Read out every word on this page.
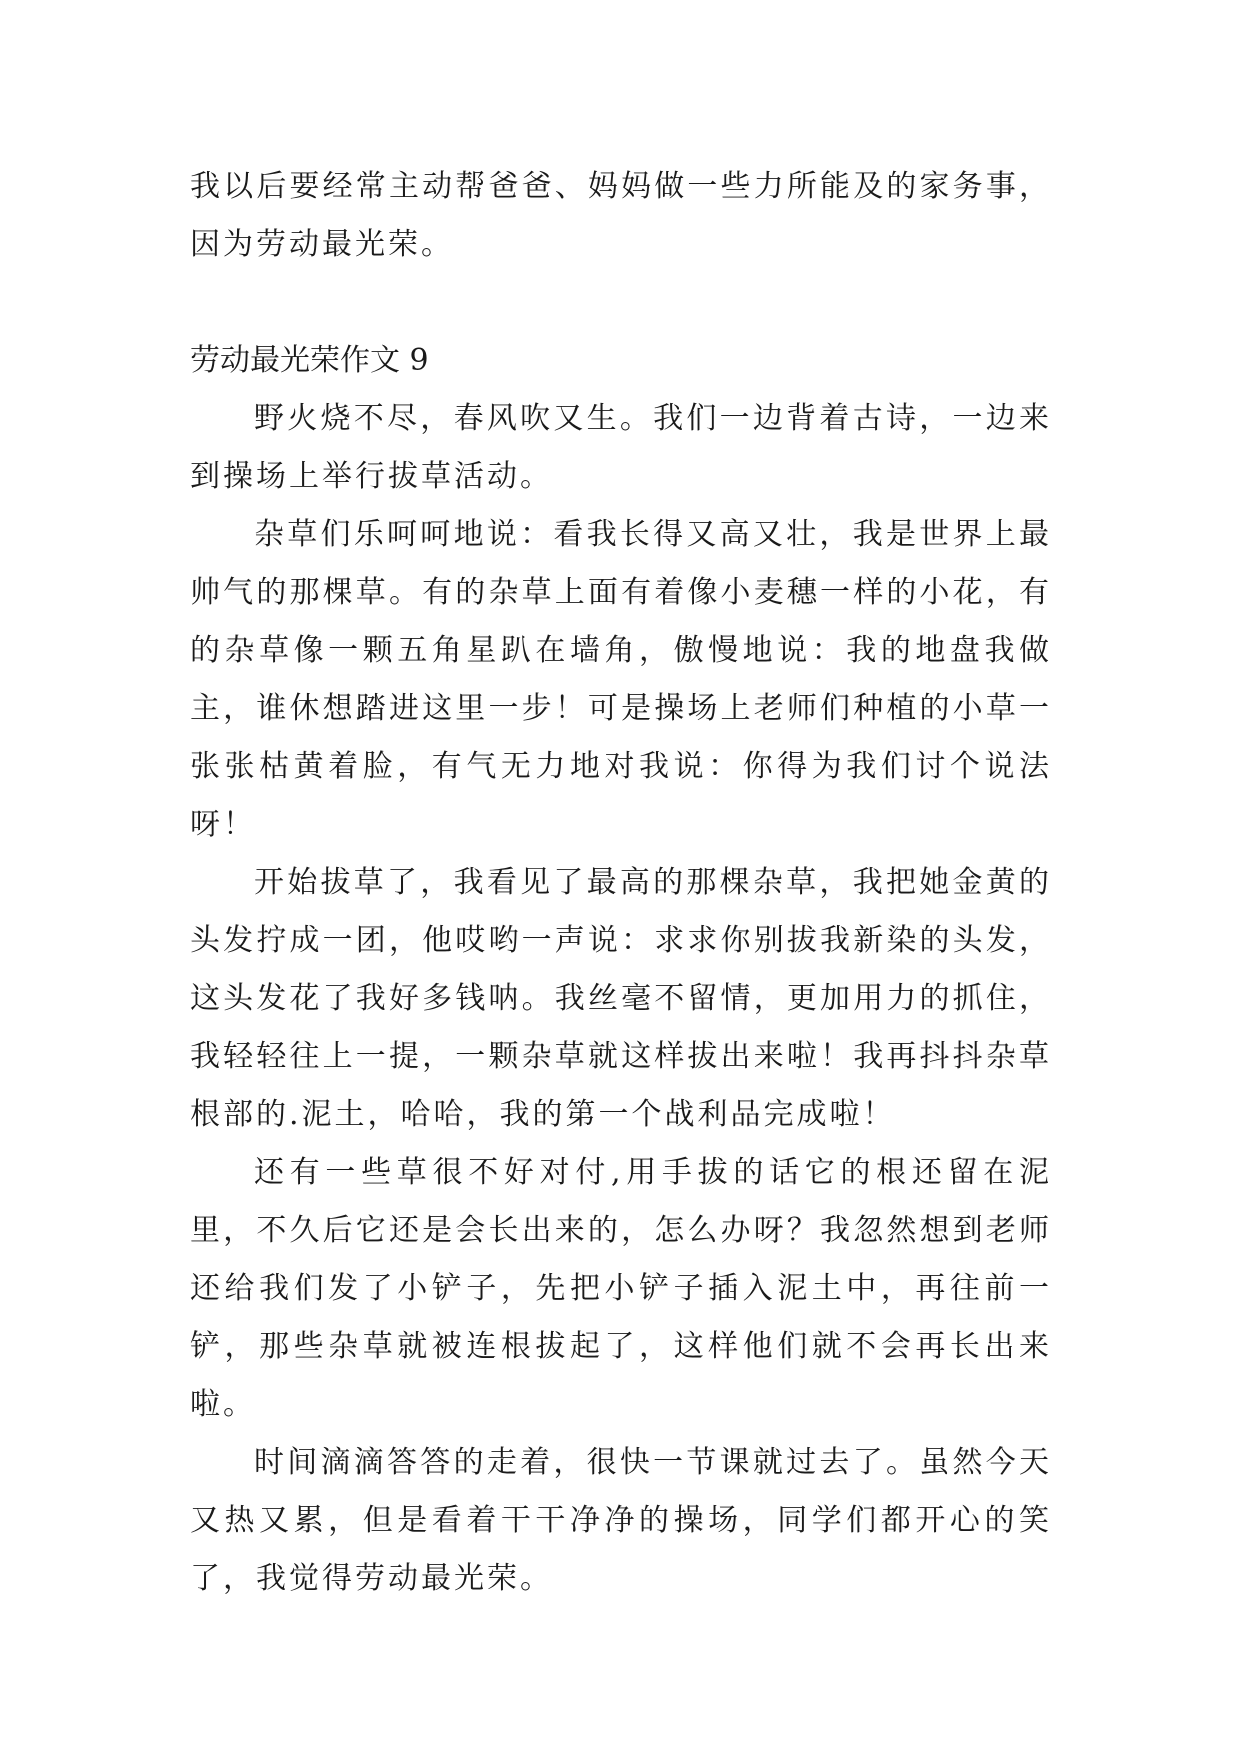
我以后要经常主动帮爸爸、妈妈做一些力所能及的家务事，因为劳动最光荣。

劳动最光荣作文 9

野火烧不尽，春风吹又生。我们一边背着古诗，一边来到操场上举行拔草活动。

杂草们乐呵呵地说：看我长得又高又壮，我是世界上最帅气的那棵草。有的杂草上面有着像小麦穗一样的小花，有的杂草像一颗五角星趴在墙角，傲慢地说：我的地盘我做主，谁休想踏进这里一步！可是操场上老师们种植的小草一张张枯黄着脸，有气无力地对我说：你得为我们讨个说法呀！

开始拔草了，我看见了最高的那棵杂草，我把她金黄的头发拧成一团，他哎哟一声说：求求你别拔我新染的头发，这头发花了我好多钱呐。我丝毫不留情，更加用力的抓住，我轻轻往上一提，一颗杂草就这样拔出来啦！我再抖抖杂草根部的.泥土，哈哈，我的第一个战利品完成啦！

还有一些草很不好对付,用手拔的话它的根还留在泥里，不久后它还是会长出来的，怎么办呀？我忽然想到老师还给我们发了小铲子，先把小铲子插入泥土中，再往前一铲，那些杂草就被连根拔起了，这样他们就不会再长出来啦。

时间滴滴答答的走着，很快一节课就过去了。虽然今天又热又累，但是看着干干净净的操场，同学们都开心的笑了，我觉得劳动最光荣。
